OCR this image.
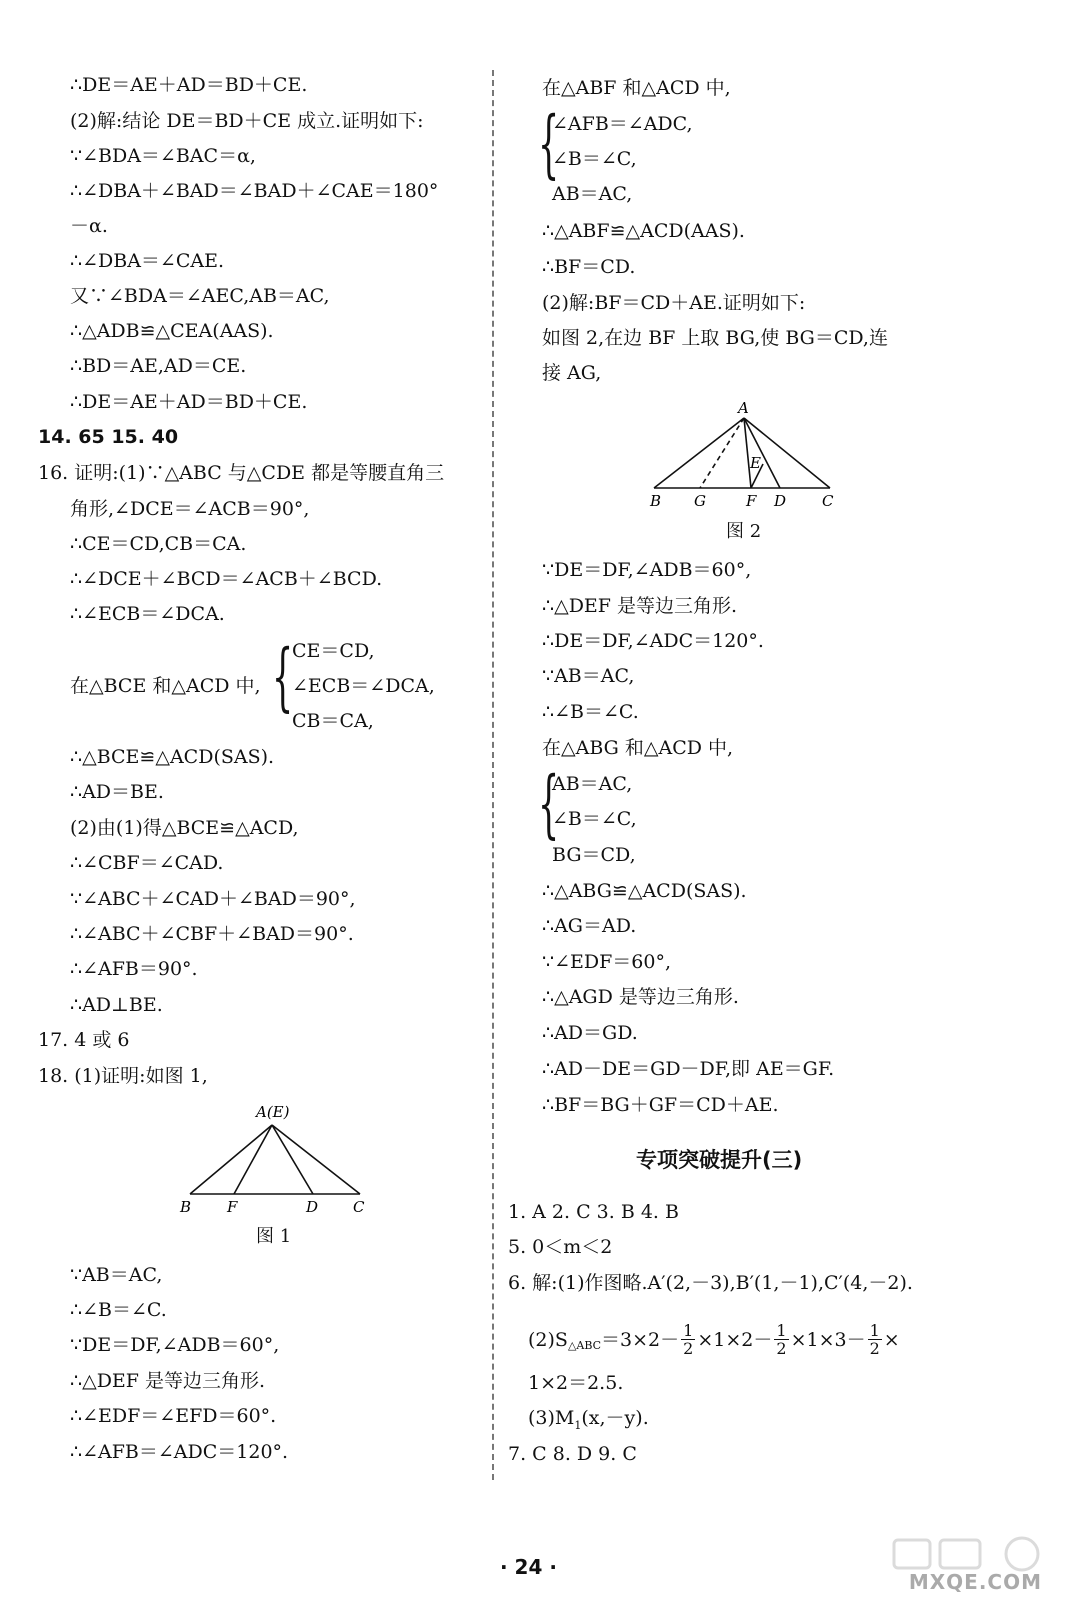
∴DE＝AE＋AD＝BD＋CE.
(2)解:结论 DE＝BD＋CE 成立.证明如下:
∵∠BDA＝∠BAC＝α,
∴∠DBA＋∠BAD＝∠BAD＋∠CAE＝180°
－α.
∴∠DBA＝∠CAE.
又∵∠BDA＝∠AEC,AB＝AC,
∴△ADB≌△CEA(AAS).
∴BD＝AE,AD＝CE.
∴DE＝AE＋AD＝BD＋CE.
14. 65 15. 40
16. 证明:(1)∵△ABC 与△CDE 都是等腰直角三
角形,∠DCE＝∠ACB＝90°,
∴CE＝CD,CB＝CA.
∴∠DCE＋∠BCD＝∠ACB＋∠BCD.
∴∠ECB＝∠DCA.
在△BCE 和△ACD 中, {
CE＝CD,
∠ECB＝∠DCA,
CB＝CA,
∴△BCE≌△ACD(SAS).
∴AD＝BE.
(2)由(1)得△BCE≌△ACD,
∴∠CBF＝∠CAD.
∵∠ABC＋∠CAD＋∠BAD＝90°,
∴∠ABC＋∠CBF＋∠BAD＝90°.
∴∠AFB＝90°.
∴AD⊥BE.
17. 4 或 6
18. (1)证明:如图 1,
A(E)
B F	D C
图 1
∵AB＝AC,
∴∠B＝∠C.
∵DE＝DF,∠ADB＝60°,
∴△DEF 是等边三角形.
∴∠EDF＝∠EFD＝60°.
∴∠AFB＝∠ADC＝120°.
在△ABF 和△ACD 中,
{
∠AFB＝∠ADC,
∠B＝∠C,
AB＝AC,
∴△ABF≌△ACD(AAS).
∴BF＝CD.
(2)解:BF＝CD＋AE.证明如下:
如图 2,在边 BF 上取 BG,使 BG＝CD,连
接 AG,
A
E
B G	F D C
图 2
∵DE＝DF,∠ADB＝60°,
∴△DEF 是等边三角形.
∴DE＝DF,∠ADC＝120°.
∵AB＝AC,
∴∠B＝∠C.
在△ABG 和△ACD 中,
{
AB＝AC,
∠B＝∠C,
BG＝CD,
∴△ABG≌△ACD(SAS).
∴AG＝AD.
∵∠EDF＝60°,
∴△AGD 是等边三角形.
∴AD＝GD.
∴AD－DE＝GD－DF,即 AE＝GF.
∴BF＝BG＋GF＝CD＋AE.
专项突破提升(三)
1. A 2. C 3. B 4. B
5. 0＜m＜2
6. 解:(1)作图略.A′(2,－3),B′(1,－1),C′(4,－2).
(2)S △ABC $=3\times 2- \frac{1}{2} \times 1\times 2- \frac{1}{2} \times 1\times 3- \frac{1}{2}$ ×
1×2＝2.5.
$(3)M_1(x,-y)$.
7. C 8. D 9. C
· 24 ·
MXQE.COM
